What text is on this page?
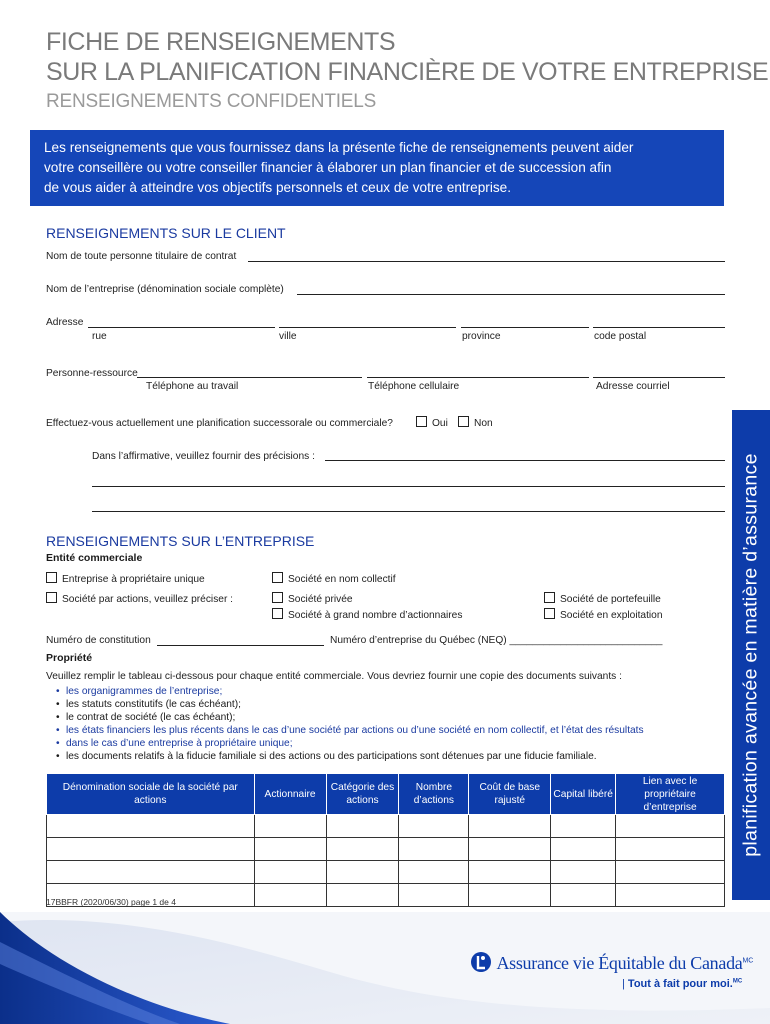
FICHE DE RENSEIGNEMENTS
SUR LA PLANIFICATION FINANCIÈRE DE VOTRE ENTREPRISE
RENSEIGNEMENTS CONFIDENTIELS

Les renseignements que vous fournissez dans la présente fiche de renseignements peuvent aider
votre conseillère ou votre conseiller financier à élaborer un plan financier et de succession afin
de vous aider à atteindre vos objectifs personnels et ceux de votre entreprise.

RENSEIGNEMENTS SUR LE CLIENT
Nom de toute personne titulaire de contrat
Nom de l’entreprise (dénomination sociale complète)
Adresse
rue	ville	province	code postal
Personne-ressource
Téléphone au travail	Téléphone cellulaire	Adresse courriel
Effectuez-vous actuellement une planification successorale ou commerciale?	Oui	Non
Dans l’affirmative, veuillez fournir des précisions :
RENSEIGNEMENTS SUR L’ENTREPRISE
Entité commerciale
Entreprise à propriétaire unique
Société par actions, veuillez préciser :
Société en nom collectif
Société privée
Société à grand nombre d’actionnaires
Société de portefeuille
Société en exploitation
Numéro de constitution	Numéro d’entreprise du Québec (NEQ) ___________________________
Propriété
Veuillez remplir le tableau ci-dessous pour chaque entité commerciale. Vous devriez fournir une copie des documents suivants :
• les organigrammes de l’entreprise;
• les statuts constitutifs (le cas échéant);
• le contrat de société (le cas échéant);
• les états financiers les plus récents dans le cas d’une société par actions ou d’une société en nom collectif, et l’état des résultats
• dans le cas d’une entreprise à propriétaire unique;
• les documents relatifs à la fiducie familiale si des actions ou des participations sont détenues par une fiducie familiale.
Dénomination sociale de la société par actions	Actionnaire	Catégorie des actions	Nombre d’actions	Coût de base rajusté	Capital libéré	Lien avec le propriétaire d’entreprise

						planification avancée en matière d’assurance
17BBFR (2020/06/30) page 1 de 4
Assurance vie Équitable du Canada$^{MC}$
| Tout à fait pour moi.$^{MC}$
